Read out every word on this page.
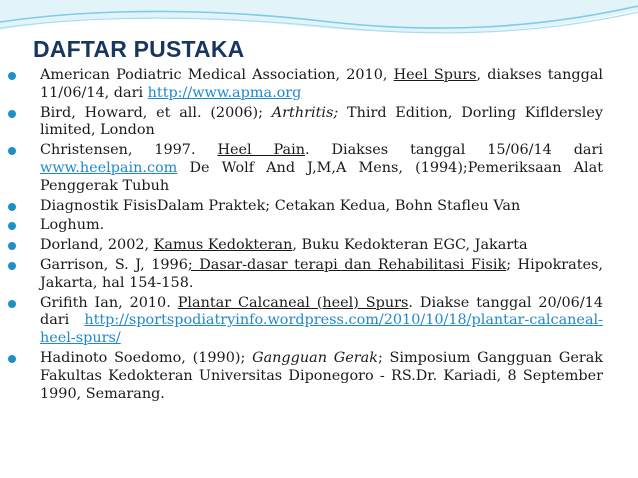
DAFTAR PUSTAKA
American Podiatric Medical Association, 2010, Heel Spurs, diakses tanggal 11/06/14, dari http://www.apma.org
Bird, Howard, et all. (2006); Arthritis; Third Edition, Dorling Kifldersley limited, London
Christensen, 1997. Heel Pain. Diakses tanggal 15/06/14 dari www.heelpain.com De Wolf And J,M,A Mens, (1994);Pemeriksaan Alat Penggerak Tubuh
Diagnostik FisisDalam Praktek; Cetakan Kedua, Bohn Stafleu Van
Loghum.
Dorland, 2002, Kamus Kedokteran, Buku Kedokteran EGC, Jakarta
Garrison, S. J, 1996; Dasar-dasar terapi dan Rehabilitasi Fisik; Hipokrates, Jakarta, hal 154-158.
Grifith Ian, 2010. Plantar Calcaneal (heel) Spurs. Diakse tanggal 20/06/14 dari http://sportspodiatryinfo.wordpress.com/2010/10/18/plantar-calcaneal- heel-spurs/
Hadinoto Soedomo, (1990); Gangguan Gerak; Simposium Gangguan Gerak Fakultas Kedokteran Universitas Diponegoro - RS.Dr. Kariadi, 8 September 1990, Semarang.
